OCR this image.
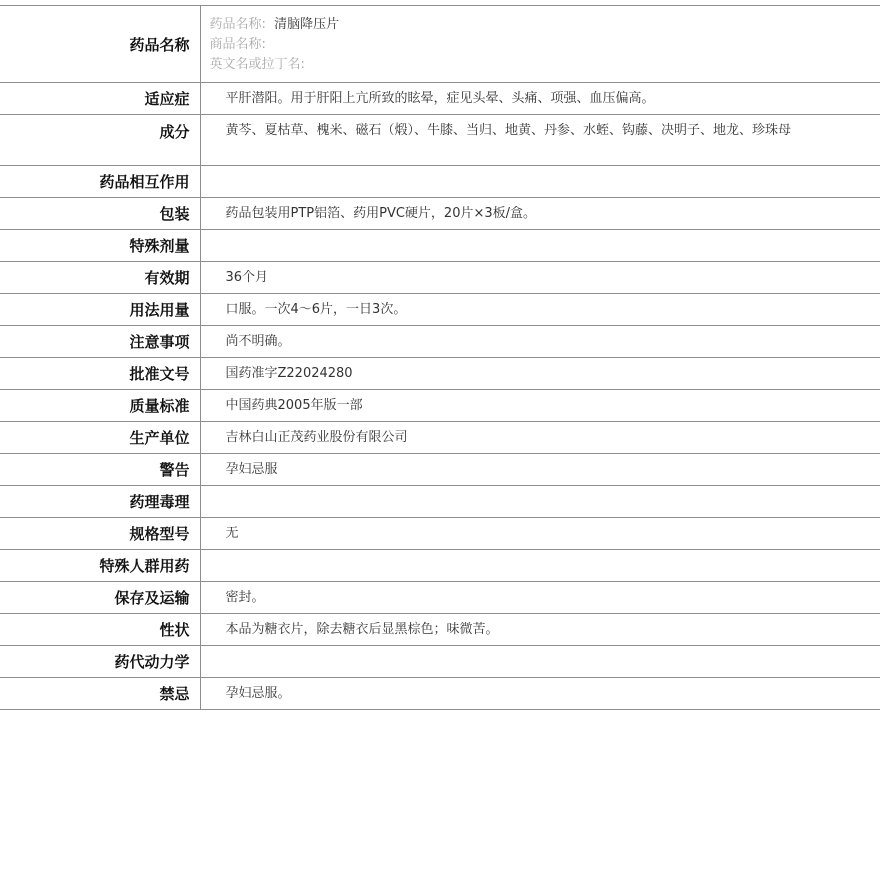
药品名称	药品名称: 清脑降压片
商品名称:
英文名或拉丁名:

适应症	平肝潜阳。用于肝阳上亢所致的眩晕，症见头晕、头痛、项强、血压偏高。
成分	黄芩、夏枯草、槐米、磁石（煅）、牛膝、当归、地黄、丹参、水蛭、钩藤、决明子、地龙、珍珠母

药品相互作用	
包装	药品包装用PTP铝箔、药用PVC硬片，20片×3板/盒。
特殊剂量	
有效期	36个月
用法用量	口服。一次4～6片，一日3次。
注意事项	尚不明确。
批准文号	国药准字Z22024280
质量标准	中国药典2005年版一部
生产单位	吉林白山正茂药业股份有限公司
警告	孕妇忌服
药理毒理	
规格型号	无
特殊人群用药	
保存及运输	密封。
性状	本品为糖衣片，除去糖衣后显黑棕色；味微苦。
药代动力学	
禁忌	孕妇忌服。
